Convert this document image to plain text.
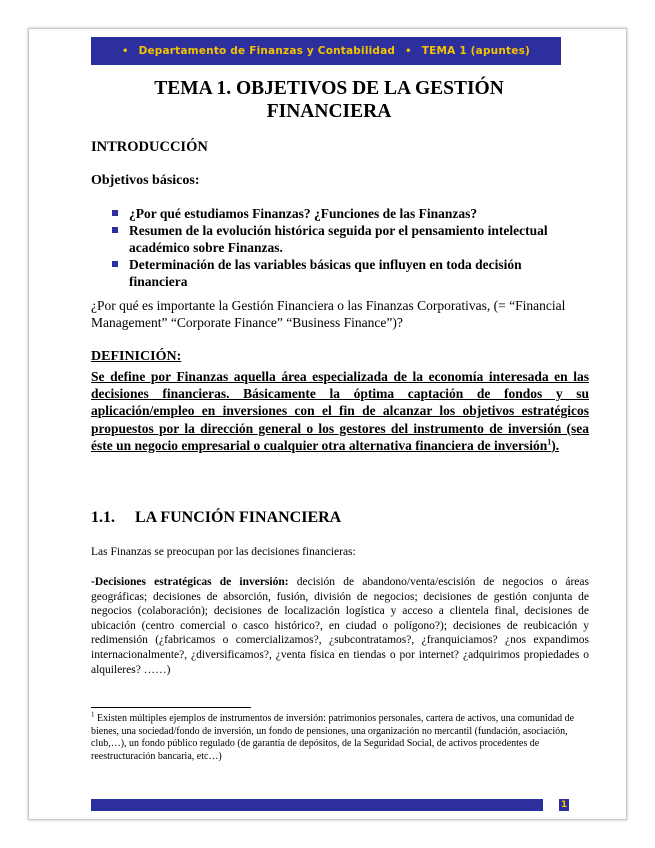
• Departamento de Finanzas y Contabilidad • TEMA 1 (apuntes)
TEMA 1. OBJETIVOS DE LA GESTIÓN FINANCIERA
INTRODUCCIÓN
Objetivos básicos:
¿Por qué estudiamos Finanzas? ¿Funciones de las Finanzas?
Resumen de la evolución histórica seguida por el pensamiento intelectual académico sobre Finanzas.
Determinación de las variables básicas que influyen en toda decisión financiera

¿Por qué es importante la Gestión Financiera o las Finanzas Corporativas, (= “Financial Management” “Corporate Finance” “Business Finance”)?

DEFINICIÓN:

Se define por Finanzas aquella área especializada de la economía interesada en las decisiones financieras. Básicamente la óptima captación de fondos y su aplicación/empleo en inversiones con el fin de alcanzar los objetivos estratégicos propuestos por la dirección general o los gestores del instrumento de inversión (sea éste un negocio empresarial o cualquier otra alternativa financiera de inversión$^1$).

1.1. LA FUNCIÓN FINANCIERA

Las Finanzas se preocupan por las decisiones financieras:

-Decisiones estratégicas de inversión: decisión de abandono/venta/escisión de negocios o áreas geográficas; decisiones de absorción, fusión, división de negocios; decisiones de gestión conjunta de negocios (colaboración); decisiones de localización logística y acceso a clientela final, decisiones de ubicación (centro comercial o casco histórico?, en ciudad o polígono?); decisiones de reubicación y redimensión (¿fabricamos o comercializamos?, ¿subcontratamos?, ¿franquiciamos? ¿nos expandimos internacionalmente?, ¿diversificamos?, ¿venta física en tiendas o por internet? ¿adquirimos propiedades o alquileres? ……)

$^1$ Existen múltiples ejemplos de instrumentos de inversión: patrimonios personales, cartera de activos, una comunidad de bienes, una sociedad/fondo de inversión, un fondo de pensiones, una organización no mercantil (fundación, asociación, club,…), un fondo público regulado (de garantía de depósitos, de la Seguridad Social, de activos procedentes de reestructuración bancaria, etc…)

1
